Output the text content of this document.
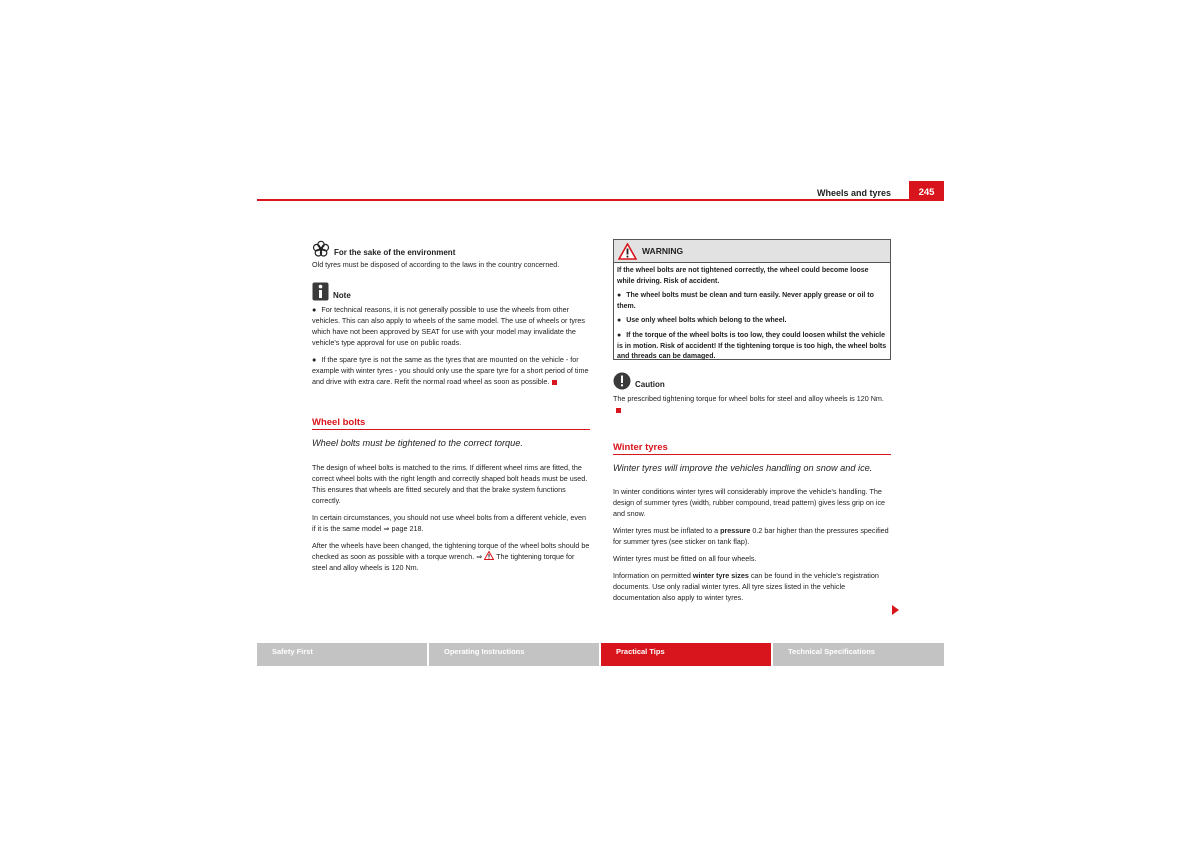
Wheels and tyres	245
For the sake of the environment

Old tyres must be disposed of according to the laws in the country concerned.

Note

● For technical reasons, it is not generally possible to use the wheels from other vehicles. This can also apply to wheels of the same model. The use of wheels or tyres which have not been approved by SEAT for use with your model may invalidate the vehicle's type approval for use on public roads.

● If the spare tyre is not the same as the tyres that are mounted on the vehicle - for example with winter tyres - you should only use the spare tyre for a short period of time and drive with extra care. Refit the normal road wheel as soon as possible.

Wheel bolts
Wheel bolts must be tightened to the correct torque.

The design of wheel bolts is matched to the rims. If different wheel rims are fitted, the correct wheel bolts with the right length and correctly shaped bolt heads must be used. This ensures that wheels are fitted securely and that the brake system functions correctly.

In certain circumstances, you should not use wheel bolts from a different vehicle, even if it is the same model ⇒ page 218.

After the wheels have been changed, the tightening torque of the wheel bolts should be checked as soon as possible with a torque wrench. ⇒  The tightening torque for steel and alloy wheels is 120 Nm.

WARNING

If the wheel bolts are not tightened correctly, the wheel could become loose while driving. Risk of accident.

● The wheel bolts must be clean and turn easily. Never apply grease or oil to them.

● Use only wheel bolts which belong to the wheel.

● If the torque of the wheel bolts is too low, they could loosen whilst the vehicle is in motion. Risk of accident! If the tightening torque is too high, the wheel bolts and threads can be damaged.

Caution

The prescribed tightening torque for wheel bolts for steel and alloy wheels is 120 Nm.

Winter tyres
Winter tyres will improve the vehicles handling on snow and ice.

In winter conditions winter tyres will considerably improve the vehicle's handling. The design of summer tyres (width, rubber compound, tread pattern) gives less grip on ice and snow.

Winter tyres must be inflated to a pressure 0.2 bar higher than the pressures specified for summer tyres (see sticker on tank flap).

Winter tyres must be fitted on all four wheels.

Information on permitted winter tyre sizes can be found in the vehicle's registration documents. Use only radial winter tyres. All tyre sizes listed in the vehicle documentation also apply to winter tyres.

Safety First	Operating Instructions	Practical Tips	Technical Specifications
